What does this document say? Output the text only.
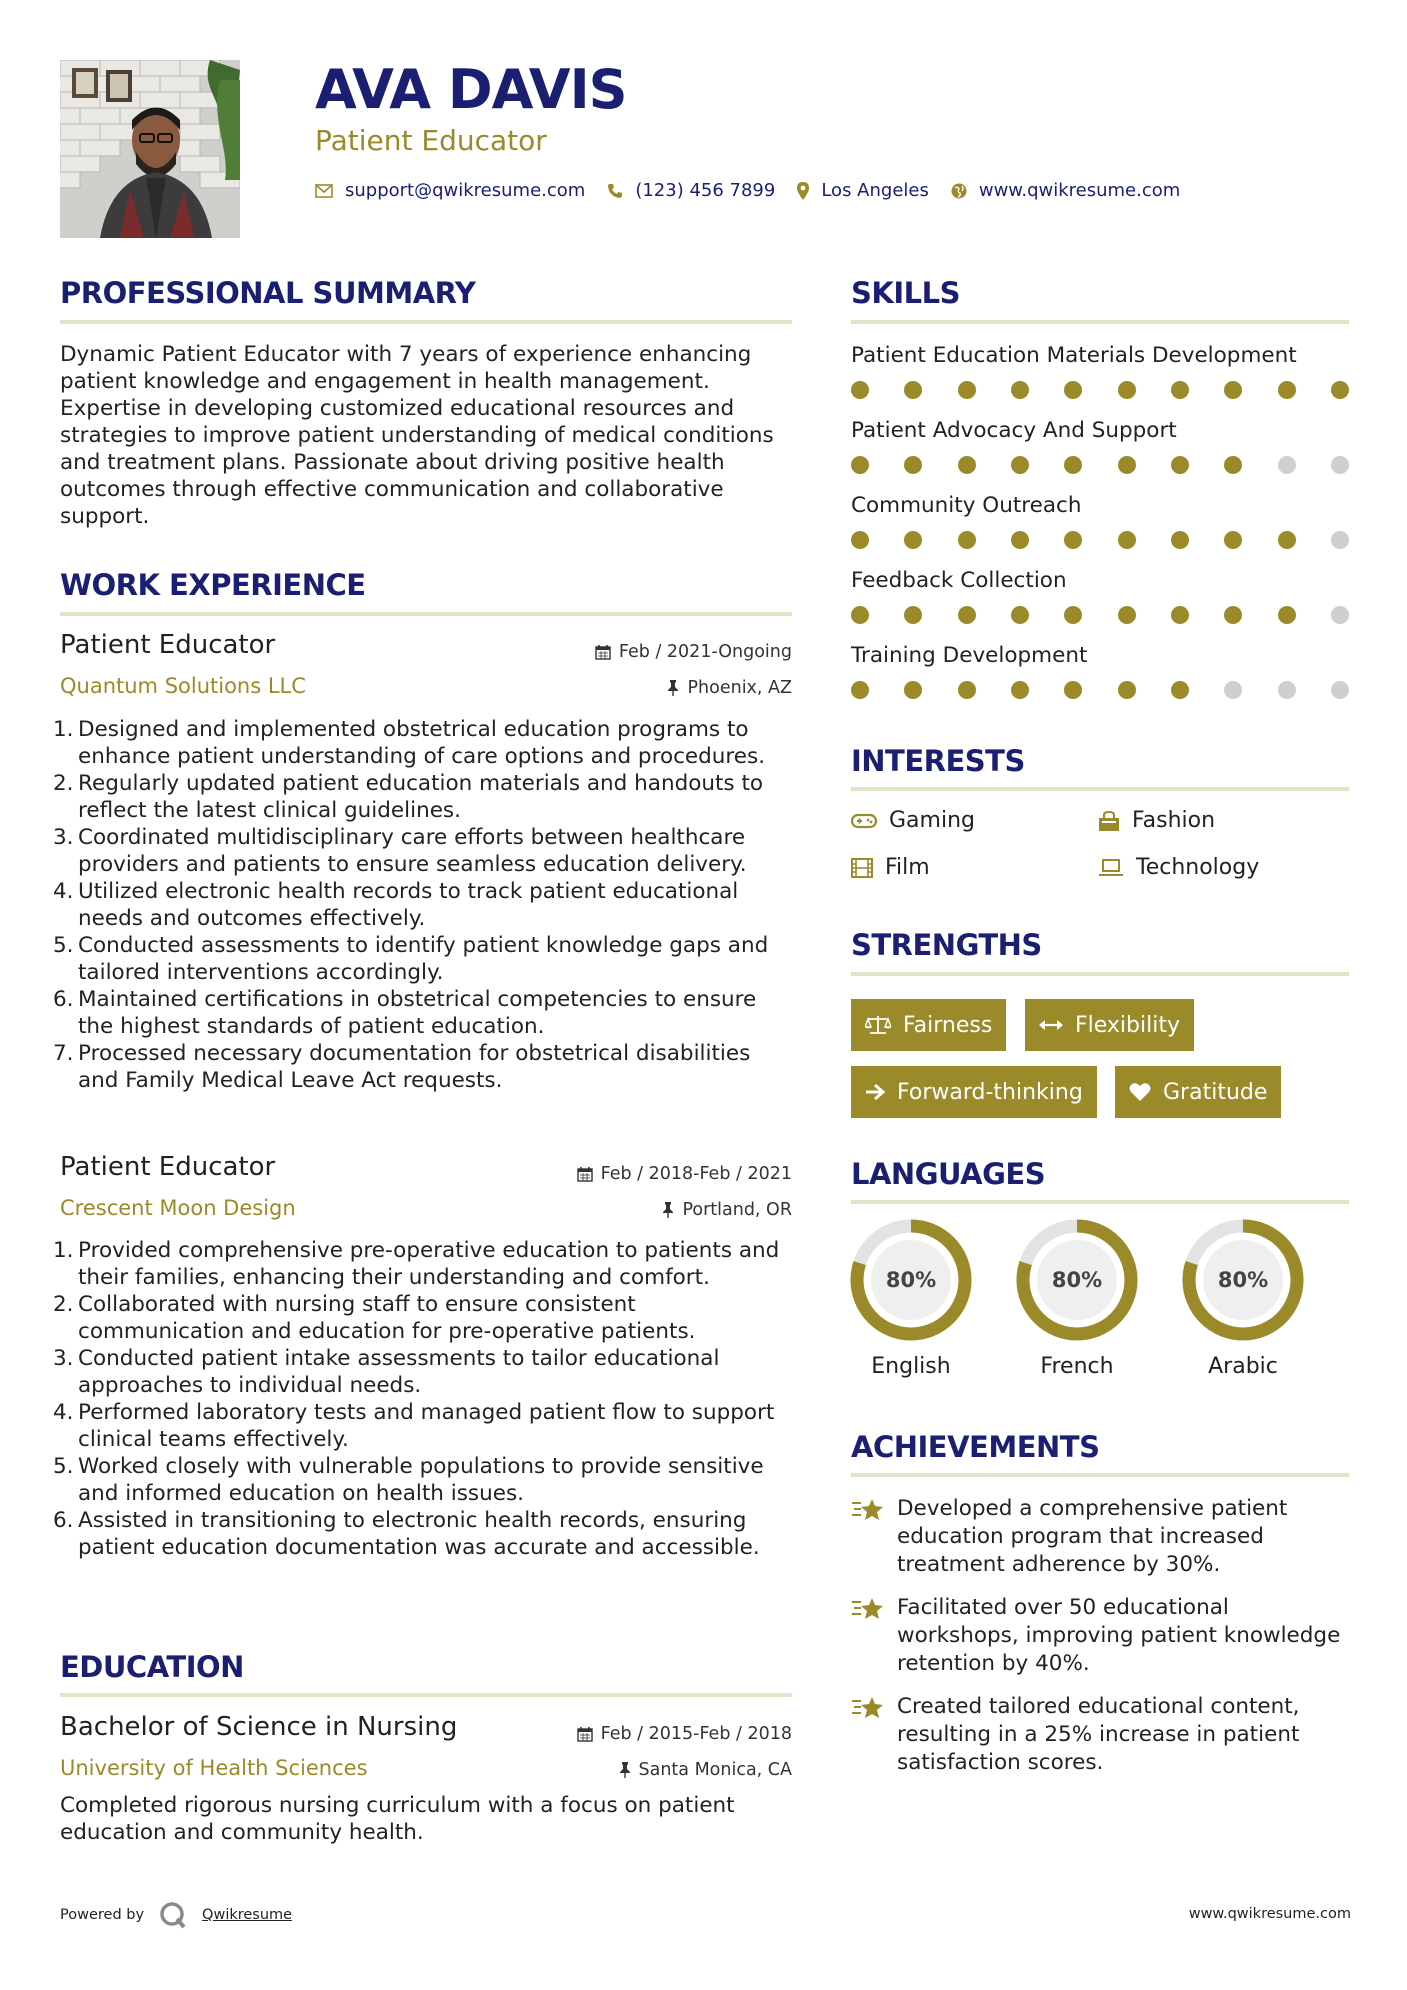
AVA DAVIS
Patient Educator
support@qwikresume.com	(123) 456 7899	Los Angeles	www.qwikresume.com
PROFESSIONAL SUMMARY
Dynamic Patient Educator with 7 years of experience enhancing patient knowledge and engagement in health management. Expertise in developing customized educational resources and strategies to improve patient understanding of medical conditions and treatment plans. Passionate about driving positive health outcomes through effective communication and collaborative support.
WORK EXPERIENCE
Patient Educator	Feb / 2021-Ongoing
Quantum Solutions LLC	Phoenix, AZ
1. Designed and implemented obstetrical education programs to enhance patient understanding of care options and procedures.
2. Regularly updated patient education materials and handouts to reflect the latest clinical guidelines.
3. Coordinated multidisciplinary care efforts between healthcare providers and patients to ensure seamless education delivery.
4. Utilized electronic health records to track patient educational needs and outcomes effectively.
5. Conducted assessments to identify patient knowledge gaps and tailored interventions accordingly.
6. Maintained certifications in obstetrical competencies to ensure the highest standards of patient education.
7. Processed necessary documentation for obstetrical disabilities and Family Medical Leave Act requests.
Patient Educator	Feb / 2018-Feb / 2021
Crescent Moon Design	Portland, OR
1. Provided comprehensive pre-operative education to patients and their families, enhancing their understanding and comfort.
2. Collaborated with nursing staff to ensure consistent communication and education for pre-operative patients.
3. Conducted patient intake assessments to tailor educational approaches to individual needs.
4. Performed laboratory tests and managed patient flow to support clinical teams effectively.
5. Worked closely with vulnerable populations to provide sensitive and informed education on health issues.
6. Assisted in transitioning to electronic health records, ensuring patient education documentation was accurate and accessible.
EDUCATION
Bachelor of Science in Nursing	Feb / 2015-Feb / 2018
University of Health Sciences	Santa Monica, CA
Completed rigorous nursing curriculum with a focus on patient education and community health.
SKILLS
Patient Education Materials Development
Patient Advocacy And Support
Community Outreach
Feedback Collection
Training Development
INTERESTS
Gaming	Fashion
Film	Technology
STRENGTHS
Fairness	Flexibility
Forward-thinking	Gratitude
LANGUAGES
80%
English
80%
French
80%
Arabic
ACHIEVEMENTS
Developed a comprehensive patient education program that increased treatment adherence by 30%.
Facilitated over 50 educational workshops, improving patient knowledge retention by 40%.
Created tailored educational content, resulting in a 25% increase in patient satisfaction scores.
Powered by	Qwikresume	www.qwikresume.com
